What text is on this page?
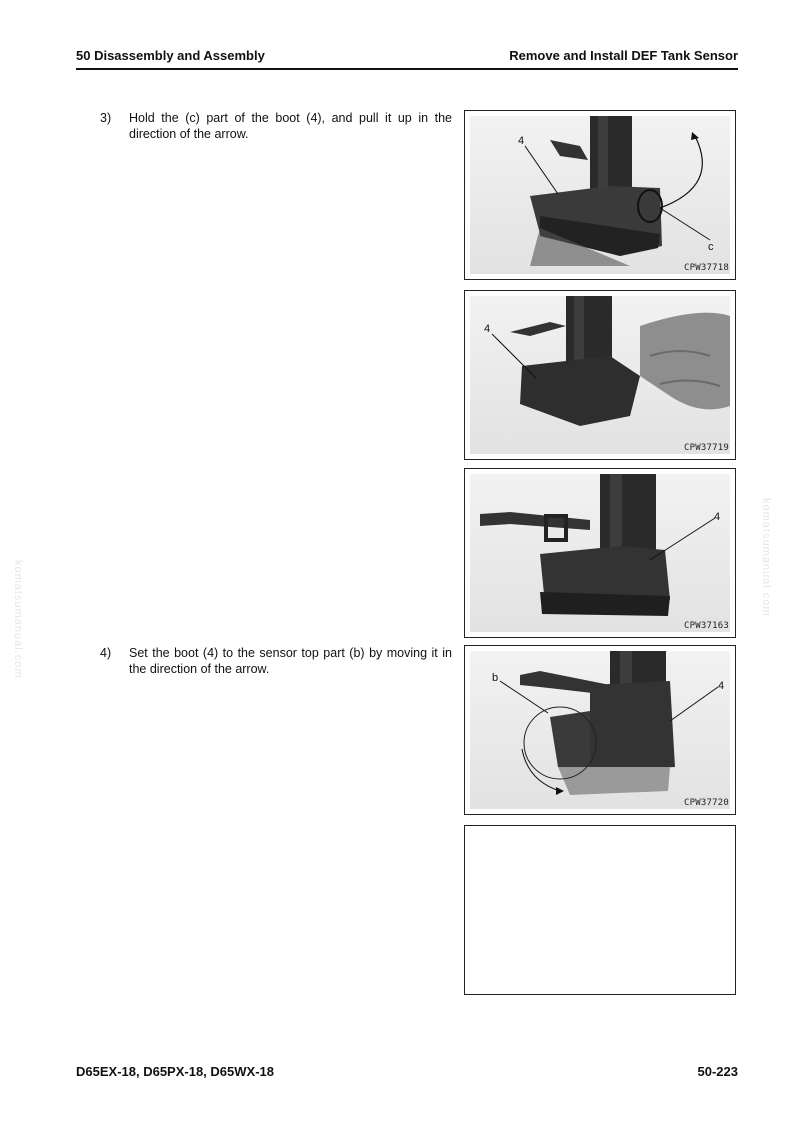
50 Disassembly and Assembly	Remove and Install DEF Tank Sensor
3) Hold the (c) part of the boot (4), and pull it up in the direction of the arrow.
4) Set the boot (4) to the sensor top part (b) by moving it in the direction of the arrow.
4
c
CPW37718
4
CPW37719
4
CPW37163
b
4
CPW37720
komatsumanual.com
komatsumanual.com
D65EX-18, D65PX-18, D65WX-18	50-223
